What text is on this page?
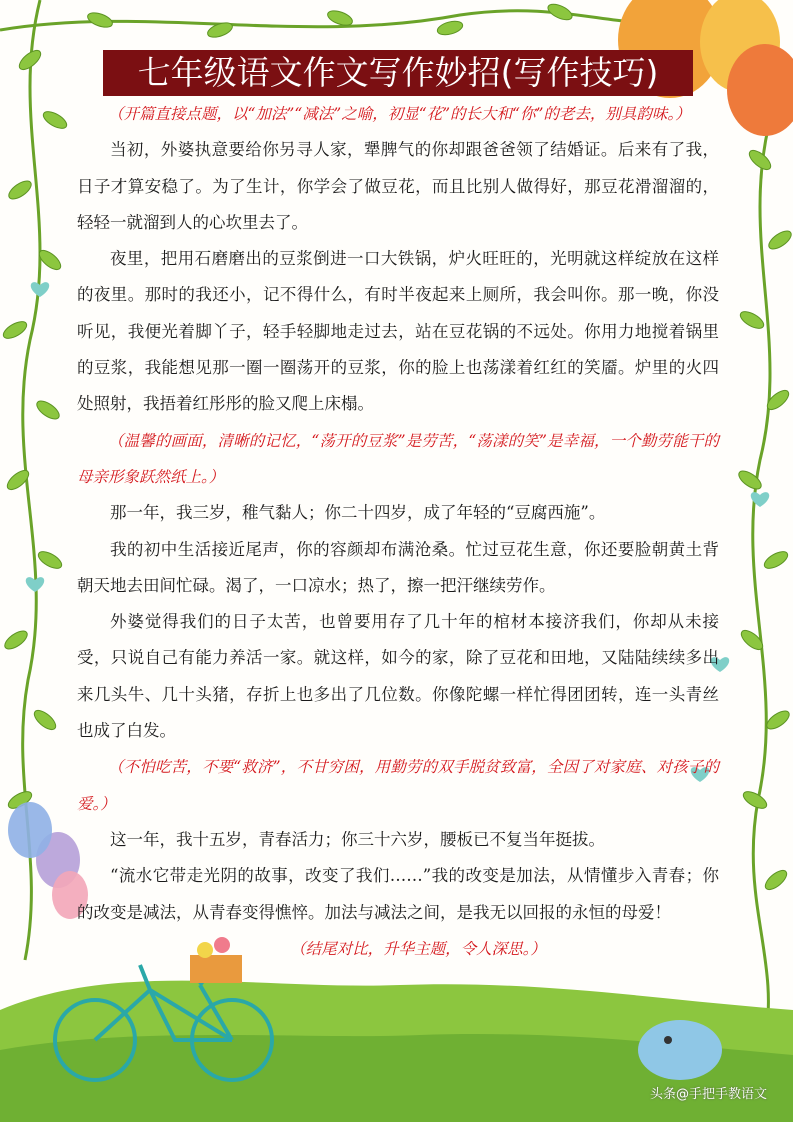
七年级语文作文写作妙招(写作技巧)

（开篇直接点题，以“加法”“减法”之喻，初显“花”的长大和“你”的老去，别具韵味。）

当初，外婆执意要给你另寻人家，犟脾气的你却跟爸爸领了结婚证。后来有了我，日子才算安稳了。为了生计，你学会了做豆花，而且比别人做得好，那豆花滑溜溜的，轻轻一就溜到人的心坎里去了。

夜里，把用石磨磨出的豆浆倒进一口大铁锅，炉火旺旺的，光明就这样绽放在这样的夜里。那时的我还小，记不得什么，有时半夜起来上厕所，我会叫你。那一晚，你没听见，我便光着脚丫子，轻手轻脚地走过去，站在豆花锅的不远处。你用力地搅着锅里的豆浆，我能想见那一圈一圈荡开的豆浆，你的脸上也荡漾着红红的笑靥。炉里的火四处照射，我捂着红彤彤的脸又爬上床榻。

（温馨的画面，清晰的记忆，“荡开的豆浆”是劳苦，“荡漾的笑”是幸福，一个勤劳能干的母亲形象跃然纸上。）

那一年，我三岁，稚气黏人；你二十四岁，成了年轻的“豆腐西施”。

我的初中生活接近尾声，你的容颜却布满沧桑。忙过豆花生意，你还要脸朝黄土背朝天地去田间忙碌。渴了，一口凉水；热了，擦一把汗继续劳作。

外婆觉得我们的日子太苦，也曾要用存了几十年的棺材本接济我们，你却从未接受，只说自己有能力养活一家。就这样，如今的家，除了豆花和田地，又陆陆续续多出来几头牛、几十头猪，存折上也多出了几位数。你像陀螺一样忙得团团转，连一头青丝也成了白发。

（不怕吃苦，不要“救济”，不甘穷困，用勤劳的双手脱贫致富，全因了对家庭、对孩子的爱。）

这一年，我十五岁，青春活力；你三十六岁，腰板已不复当年挺拔。

“流水它带走光阴的故事，改变了我们……”我的改变是加法，从情懂步入青春；你的改变是减法，从青春变得憔悴。加法与减法之间，是我无以回报的永恒的母爱！

（结尾对比，升华主题，令人深思。）

头条@手把手教语文
